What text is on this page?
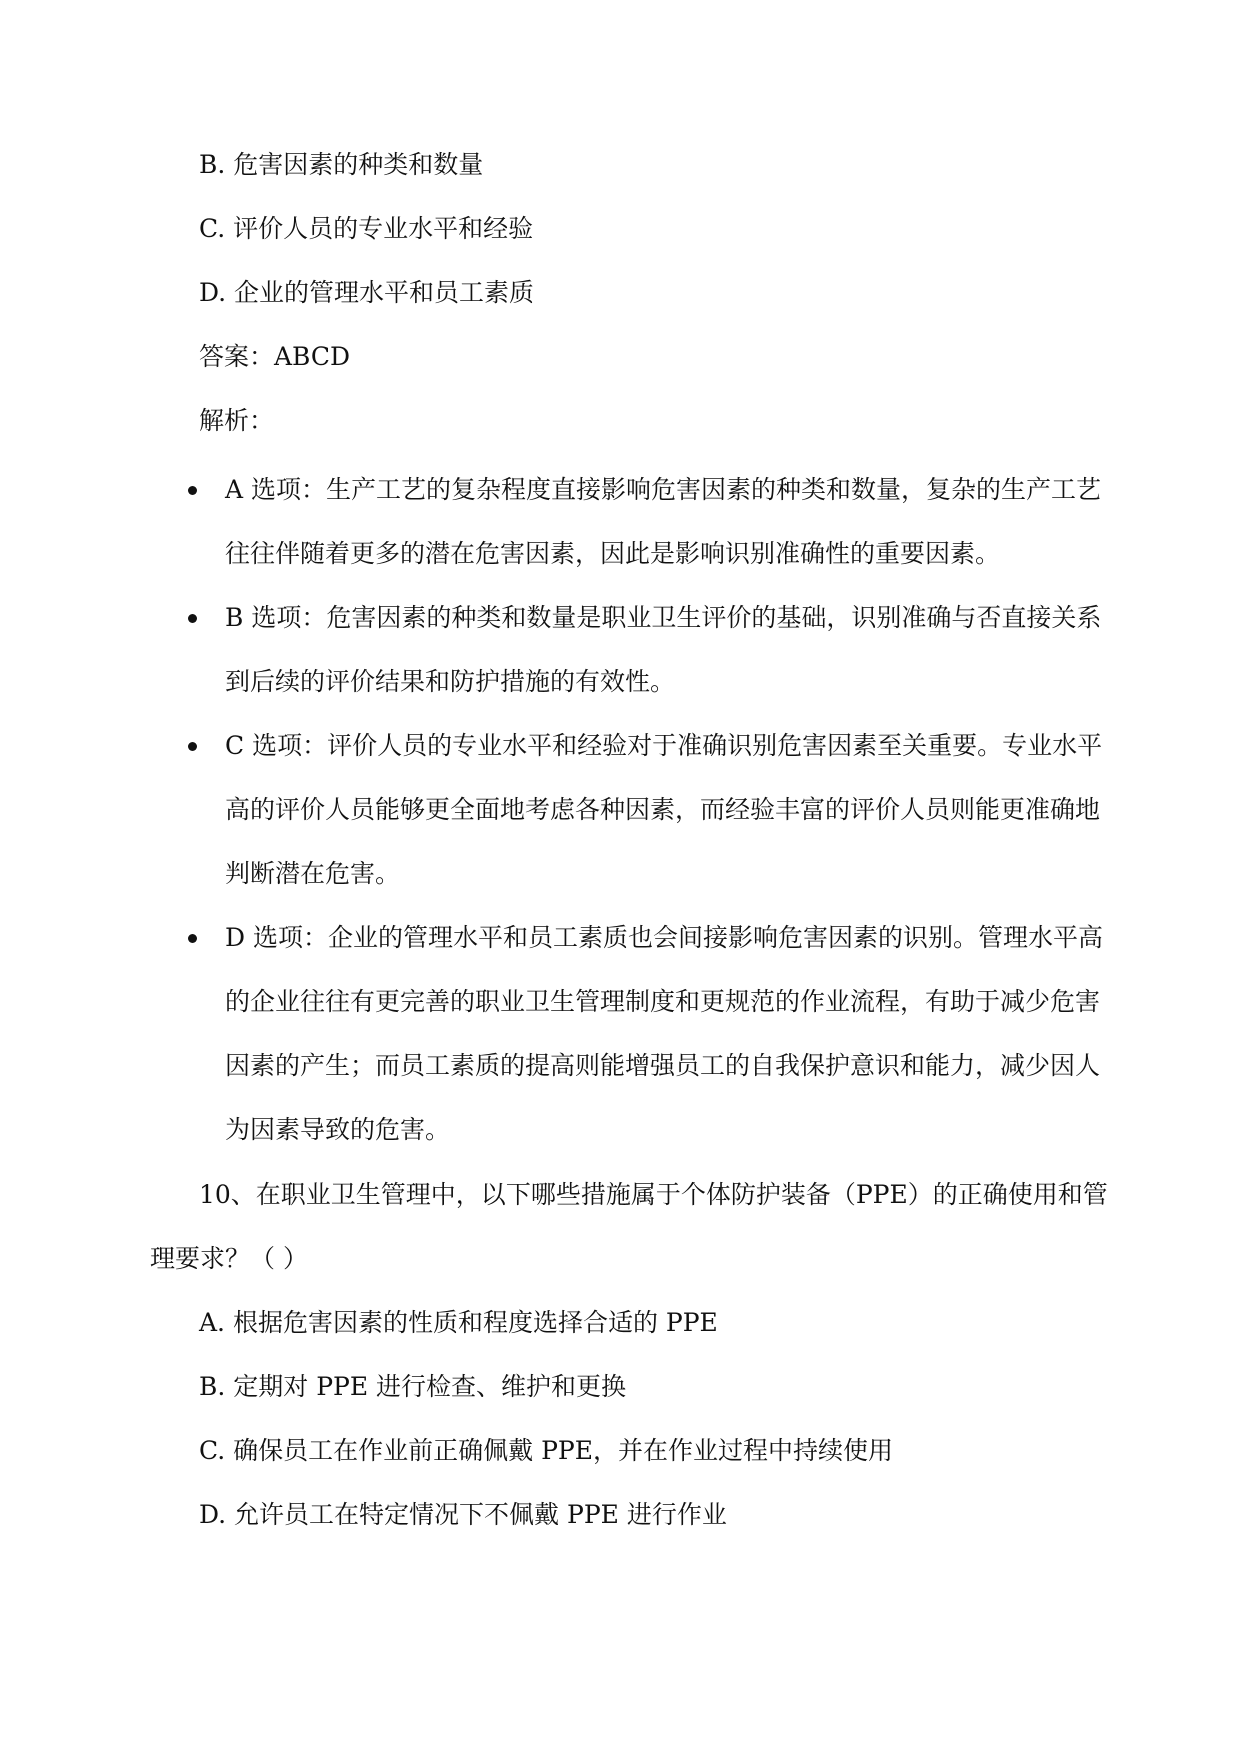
B. 危害因素的种类和数量
C. 评价人员的专业水平和经验
D. 企业的管理水平和员工素质
答案：ABCD
解析：
A 选项：生产工艺的复杂程度直接影响危害因素的种类和数量，复杂的生产工艺
往往伴随着更多的潜在危害因素，因此是影响识别准确性的重要因素。
B 选项：危害因素的种类和数量是职业卫生评价的基础，识别准确与否直接关系
到后续的评价结果和防护措施的有效性。
C 选项：评价人员的专业水平和经验对于准确识别危害因素至关重要。专业水平
高的评价人员能够更全面地考虑各种因素，而经验丰富的评价人员则能更准确地
判断潜在危害。
D 选项：企业的管理水平和员工素质也会间接影响危害因素的识别。管理水平高
的企业往往有更完善的职业卫生管理制度和更规范的作业流程，有助于减少危害
因素的产生；而员工素质的提高则能增强员工的自我保护意识和能力，减少因人
为因素导致的危害。
10、在职业卫生管理中，以下哪些措施属于个体防护装备（PPE）的正确使用和管
理要求？（ ）
A. 根据危害因素的性质和程度选择合适的 PPE
B. 定期对 PPE 进行检查、维护和更换
C. 确保员工在作业前正确佩戴 PPE，并在作业过程中持续使用
D. 允许员工在特定情况下不佩戴 PPE 进行作业
